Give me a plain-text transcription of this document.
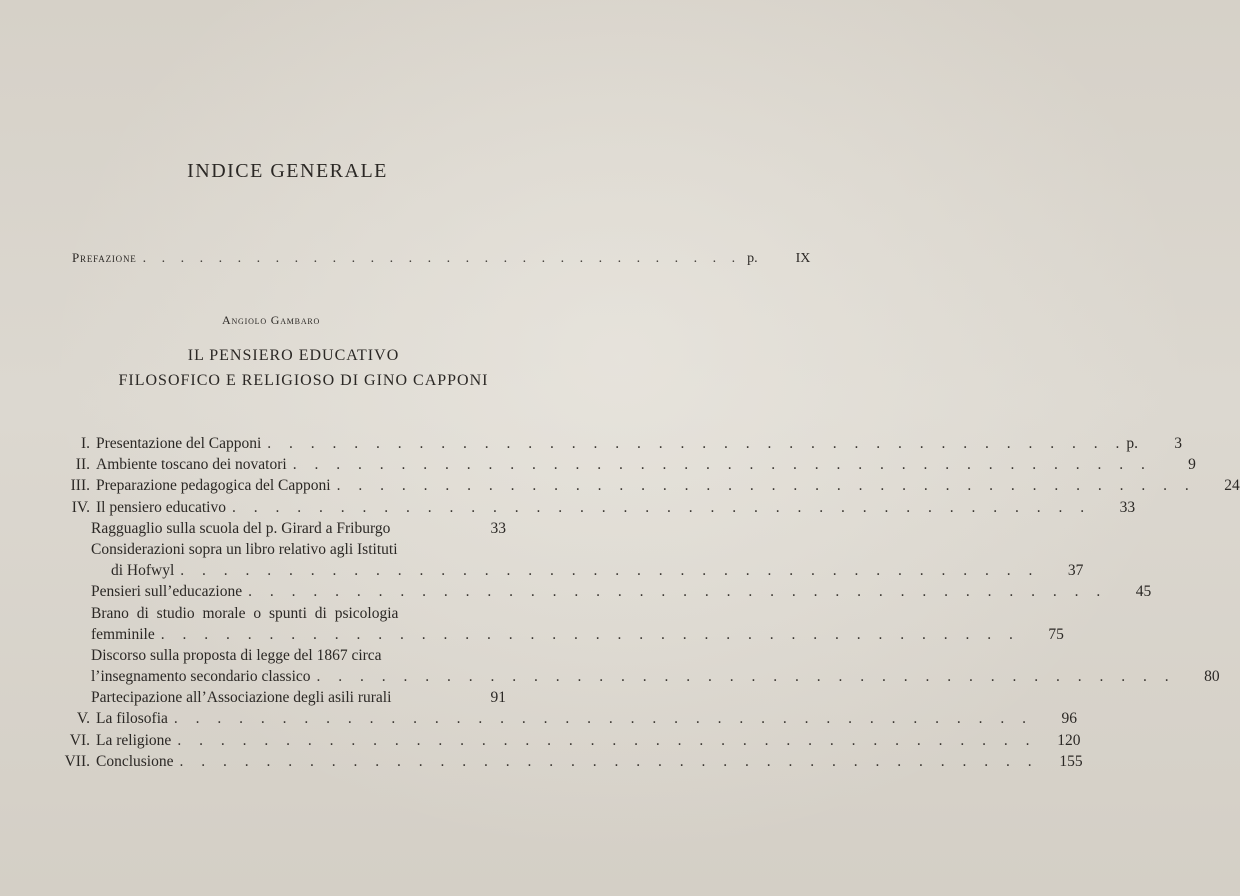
INDICE GENERALE
Prefazione . . . . . . . . . . . . . . . . . . . . . . . . . . . . . . . . p.	IX
Angiolo Gambaro
IL PENSIERO EDUCATIVO
FILOSOFICO E RELIGIOSO DI GINO CAPPONI
I. Presentazione del Capponi . . . . . . . . . . . . . . . . . . . . . . . . . . . . . . . . . . . . . . . . p.	3
II. Ambiente toscano dei novatori . . . . . . . . . . . . . . . . . . . . . . . . . . . . . . . . . . . . . . . .	9
III. Preparazione pedagogica del Capponi . . . . . . . . . . . . . . . . . . . . . . . . . . . . . . . . . . . . . . . .	24
IV. Il pensiero educativo . . . . . . . . . . . . . . . . . . . . . . . . . . . . . . . . . . . . . . . .	33
Ragguaglio sulla scuola del p. Girard a Friburgo	33
Considerazioni sopra un libro relativo agli Istituti
di Hofwyl . . . . . . . . . . . . . . . . . . . . . . . . . . . . . . . . . . . . . . . .	37
Pensieri sull’educazione . . . . . . . . . . . . . . . . . . . . . . . . . . . . . . . . . . . . . . . .	45
Brano di studio morale o spunti di psicologia
femminile . . . . . . . . . . . . . . . . . . . . . . . . . . . . . . . . . . . . . . . .	75
Discorso sulla proposta di legge del 1867 circa
l’insegnamento secondario classico . . . . . . . . . . . . . . . . . . . . . . . . . . . . . . . . . . . . . . . .	80
Partecipazione all’Associazione degli asili rurali	91
V. La filosofia . . . . . . . . . . . . . . . . . . . . . . . . . . . . . . . . . . . . . . . .	96
VI. La religione . . . . . . . . . . . . . . . . . . . . . . . . . . . . . . . . . . . . . . . .	120
VII. Conclusione . . . . . . . . . . . . . . . . . . . . . . . . . . . . . . . . . . . . . . . .	155
